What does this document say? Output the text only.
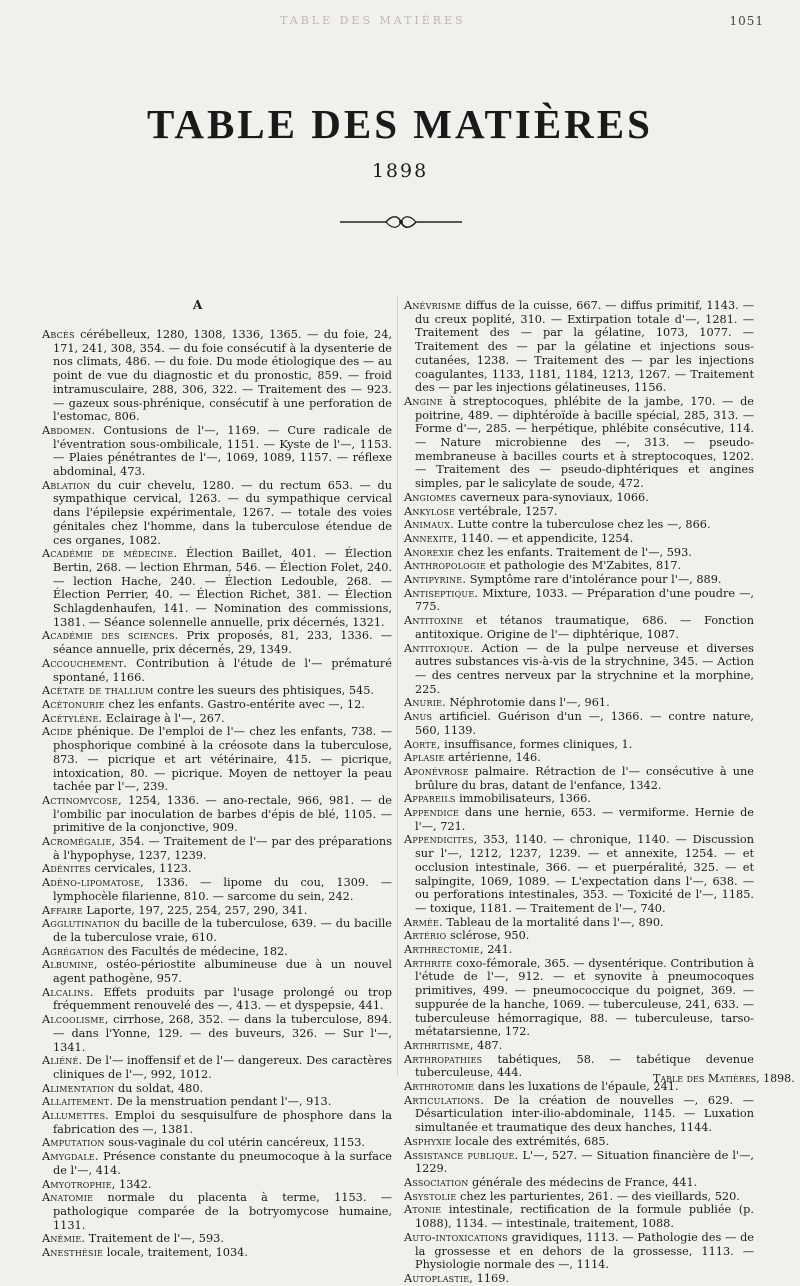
TABLE DES MATIÈRES	1051
TABLE DES MATIÈRES
1898
A

Abcès cérébelleux, 1280, 1308, 1336, 1365. — du foie, 24, 171, 241, 308, 354. — du foie consécutif à la dysenterie de nos climats, 486. — du foie. Du mode étiologique des — au point de vue du diagnostic et du pronostic, 859. — froid intramusculaire, 288, 306, 322. — Traitement des — 923. — gazeux sous-phrénique, consécutif à une perforation de l'estomac, 806.

Abdomen. Contusions de l'—, 1169. — Cure radicale de l'éventration sous-ombilicale, 1151. — Kyste de l'—, 1153. — Plaies pénétrantes de l'—, 1069, 1089, 1157. — réflexe abdominal, 473.

Ablation du cuir chevelu, 1280. — du rectum 653. — du sympathique cervical, 1263. — du sympathique cervical dans l'épilepsie expérimentale, 1267. — totale des voies génitales chez l'homme, dans la tuberculose étendue de ces organes, 1082.

Académie de médecine. Élection Baillet, 401. — Élection Bertin, 268. — lection Ehrman, 546. — Élection Folet, 240. — lection Hache, 240. — Élection Ledouble, 268. — Élection Perrier, 40. — Élection Richet, 381. — Élection Schlagdenhaufen, 141. — Nomination des commissions, 1381. — Séance solennelle annuelle, prix décernés, 1321.

Académie des sciences. Prix proposés, 81, 233, 1336. — séance annuelle, prix décernés, 29, 1349.

Accouchement. Contribution à l'étude de l'— prématuré spontané, 1166.

Acétate de thallium contre les sueurs des phtisiques, 545.

Acétonurie chez les enfants. Gastro-entérite avec —, 12.

Acétylène. Eclairage à l'—, 267.

Acide phénique. De l'emploi de l'— chez les enfants, 738. — phosphorique combiné à la créosote dans la tuberculose, 873. — picrique et art vétérinaire, 415. — picrique, intoxication, 80. — picrique. Moyen de nettoyer la peau tachée par l'—, 239.

Actinomycose, 1254, 1336. — ano-rectale, 966, 981. — de l'ombilic par inoculation de barbes d'épis de blé, 1105. — primitive de la conjonctive, 909.

Acromégalie, 354. — Traitement de l'— par des préparations à l'hypophyse, 1237, 1239.

Adénites cervicales, 1123.

Adéno-lipomatose, 1336. — lipome du cou, 1309. — lymphocèle filarienne, 810. — sarcome du sein, 242.

Affaire Laporte, 197, 225, 254, 257, 290, 341.

Agglutination du bacille de la tuberculose, 639. — du bacille de la tuberculose vraie, 610.

Agrégation des Facultés de médecine, 182.

Albumine, ostéo-périostite albumineuse due à un nouvel agent pathogène, 957.

Alcalins. Effets produits par l'usage prolongé ou trop fréquemment renouvelé des —, 413. — et dyspepsie, 441.

Alcoolisme, cirrhose, 268, 352. — dans la tuberculose, 894. — dans l'Yonne, 129. — des buveurs, 326. — Sur l'—, 1341.

Aliéné. De l'— inoffensif et de l'— dangereux. Des caractères cliniques de l'—, 992, 1012.

Alimentation du soldat, 480.

Allaitement. De la menstruation pendant l'—, 913.

Allumettes. Emploi du sesquisulfure de phosphore dans la fabrication des —, 1381.

Amputation sous-vaginale du col utérin cancéreux, 1153.

Amygdale. Présence constante du pneumocoque à la surface de l'—, 414.

Amyotrophie, 1342.

Anatomie normale du placenta à terme, 1153. — pathologique comparée de la botryomycose humaine, 1131.

Anémie. Traitement de l'—, 593.

Anesthésie locale, traitement, 1034.

Anévrisme diffus de la cuisse, 667. — diffus primitif, 1143. — du creux poplité, 310. — Extirpation totale d'—, 1281. — Traitement des — par la gélatine, 1073, 1077. — Traitement des — par la gélatine et injections sous-cutanées, 1238. — Traitement des — par les injections coagulantes, 1133, 1181, 1184, 1213, 1267. — Traitement des — par les injections gélatineuses, 1156.

Angine à streptocoques, phlébite de la jambe, 170. — de poitrine, 489. — diphtéroïde à bacille spécial, 285, 313. — Forme d'—, 285. — herpétique, phlébite consécutive, 114. — Nature microbienne des —, 313. — pseudo-membraneuse à bacilles courts et à streptocoques, 1202. — Traitement des — pseudo-diphtériques et angines simples, par le salicylate de soude, 472.

Angiomes caverneux para-synoviaux, 1066.

Ankylose vertébrale, 1257.

Animaux. Lutte contre la tuberculose chez les —, 866.

Annexite, 1140. — et appendicite, 1254.

Anorexie chez les enfants. Traitement de l'—, 593.

Anthropologie et pathologie des M'Zabites, 817.

Antipyrine. Symptôme rare d'intolérance pour l'—, 889.

Antiseptique. Mixture, 1033. — Préparation d'une poudre —, 775.

Antitoxine et tétanos traumatique, 686. — Fonction antitoxique. Origine de l'— diphtérique, 1087.

Antitoxique. Action — de la pulpe nerveuse et diverses autres substances vis-à-vis de la strychnine, 345. — Action — des centres nerveux par la strychnine et la morphine, 225.

Anurie. Néphrotomie dans l'—, 961.

Anus artificiel. Guérison d'un —, 1366. — contre nature, 560, 1139.

Aorte, insuffisance, formes cliniques, 1.

Aplasie artérienne, 146.

Aponévrose palmaire. Rétraction de l'— consécutive à une brûlure du bras, datant de l'enfance, 1342.

Appareils immobilisateurs, 1366.

Appendice dans une hernie, 653. — vermiforme. Hernie de l'—, 721.

Appendicites, 353, 1140. — chronique, 1140. — Discussion sur l'—, 1212, 1237, 1239. — et annexite, 1254. — et occlusion intestinale, 366. — et puerpéralité, 325. — et salpingite, 1069, 1089. — L'expectation dans l'—, 638. — ou perforations intestinales, 353. — Toxicité de l'—, 1185. — toxique, 1181. — Traitement de l'—, 740.

Armée. Tableau de la mortalité dans l'—, 890.

Artério sclérose, 950.

Arthrectomie, 241.

Arthrite coxo-fémorale, 365. — dysentérique. Contribution à l'étude de l'—, 912. — et synovite à pneumocoques primitives, 499. — pneumococcique du poignet, 369. — suppurée de la hanche, 1069. — tuberculeuse, 241, 633. — tuberculeuse hémorragique, 88. — tuberculeuse, tarso-métatarsienne, 172.

Arthritisme, 487.

Arthropathies tabétiques, 58. — tabétique devenue tuberculeuse, 444.

Arthrotomie dans les luxations de l'épaule, 241.

Articulations. De la création de nouvelles —, 629. — Désarticulation inter-ilio-abdominale, 1145. — Luxation simultanée et traumatique des deux hanches, 1144.

Asphyxie locale des extrémités, 685.

Assistance publique. L'—, 527. — Situation financière de l'—, 1229.

Association générale des médecins de France, 441.

Asystolie chez les parturientes, 261. — des vieillards, 520.

Atonie intestinale, rectification de la formule publiée (p. 1088), 1134. — intestinale, traitement, 1088.

Auto-intoxications gravidiques, 1113. — Pathologie des — de la grossesse et en dehors de la grossesse, 1113. — Physiologie normale des —, 1114.

Autoplastie, 1169.

Table des Matières, 1898.
